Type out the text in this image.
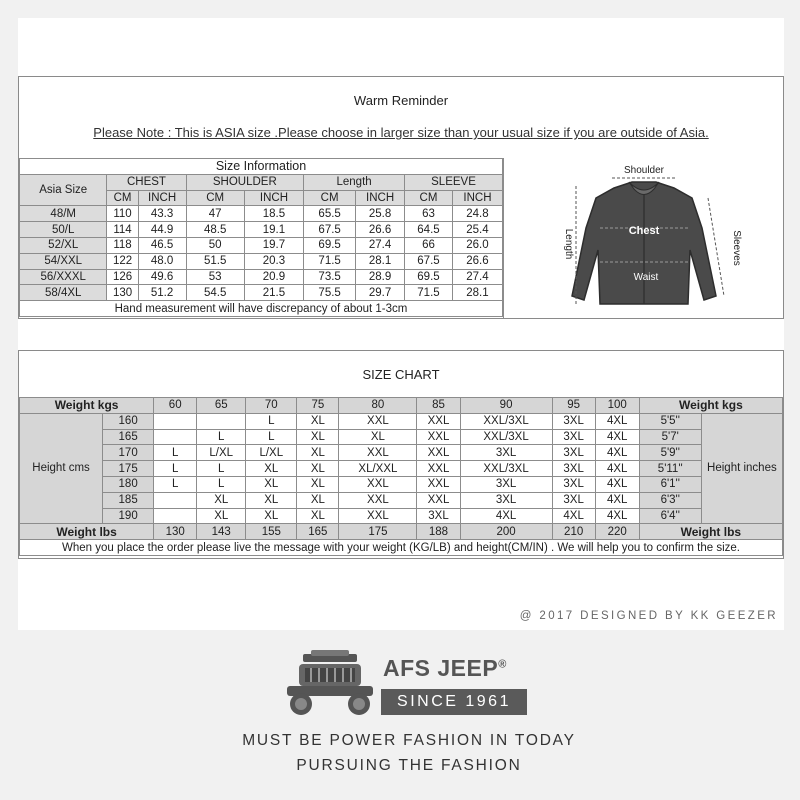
Warm Reminder
Please Note : This is ASIA size .Please choose in larger size than your usual size if you are outside of Asia.
Size Information								
Asia Size	CHEST		SHOULDER		Length		SLEEVE	
	CM	INCH	CM	INCH	CM	INCH	CM	INCH
48/M	110	43.3	47	18.5	65.5	25.8	63	24.8
50/L	114	44.9	48.5	19.1	67.5	26.6	64.5	25.4
52/XL	118	46.5	50	19.7	69.5	27.4	66	26.0
54/XXL	122	48.0	51.5	20.3	71.5	28.1	67.5	26.6
56/XXXL	126	49.6	53	20.9	73.5	28.9	69.5	27.4
58/4XL	130	51.2	54.5	21.5	75.5	29.7	71.5	28.1
Hand measurement will have discrepancy of about 1-3cm								
Shoulder
Chest
Waist
Length	Sleeves
SIZE CHART
Weight kgs		60	65	70	75	80	85	90	95	100	Weight kgs	
Height cms	160			L	XL	XXL	XXL	XXL/3XL	3XL	4XL	5'5''	Height inches
	165		L	L	XL	XL	XXL	XXL/3XL	3XL	4XL	5'7'	
	170	L	L/XL	L/XL	XL	XXL	XXL	3XL	3XL	4XL	5'9''	
	175	L	L	XL	XL	XL/XXL	XXL	XXL/3XL	3XL	4XL	5'11''	
	180	L	L	XL	XL	XXL	XXL	3XL	3XL	4XL	6'1''	
	185		XL	XL	XL	XXL	XXL	3XL	3XL	4XL	6'3''	
	190		XL	XL	XL	XXL	3XL	4XL	4XL	4XL	6'4''	
Weight lbs		130	143	155	165	175	188	200	210	220	Weight lbs	
When you place the order please live the message with your weight (KG/LB) and height(CM/IN) . We will help you to confirm the size.												
@ 2017 DESIGNED BY KK GEEZER
AFS JEEP®
SINCE 1961
MUST BE POWER FASHION IN TODAY
PURSUING THE FASHION
